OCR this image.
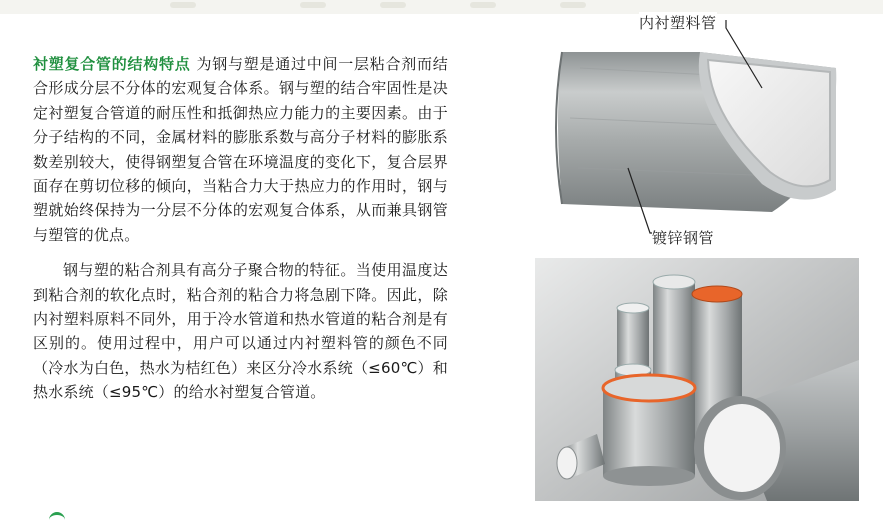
衬塑复合管的结构特点 为钢与塑是通过中间一层粘合剂而结合形成分层不分体的宏观复合体系。钢与塑的结合牢固性是决定衬塑复合管道的耐压性和抵御热应力能力的主要因素。由于分子结构的不同，金属材料的膨胀系数与高分子材料的膨胀系数差别较大，使得钢塑复合管在环境温度的变化下，复合层界面存在剪切位移的倾向，当粘合力大于热应力的作用时，钢与塑就始终保持为一分层不分体的宏观复合体系，从而兼具钢管与塑管的优点。

钢与塑的粘合剂具有高分子聚合物的特征。当使用温度达到粘合剂的软化点时，粘合剂的粘合力将急剧下降。因此，除内衬塑料原料不同外，用于冷水管道和热水管道的粘合剂是有区别的。使用过程中，用户可以通过内衬塑料管的颜色不同（冷水为白色，热水为桔红色）来区分冷水系统（≤60℃）和热水系统（≤95℃）的给水衬塑复合管道。

内衬塑料管
镀锌钢管
